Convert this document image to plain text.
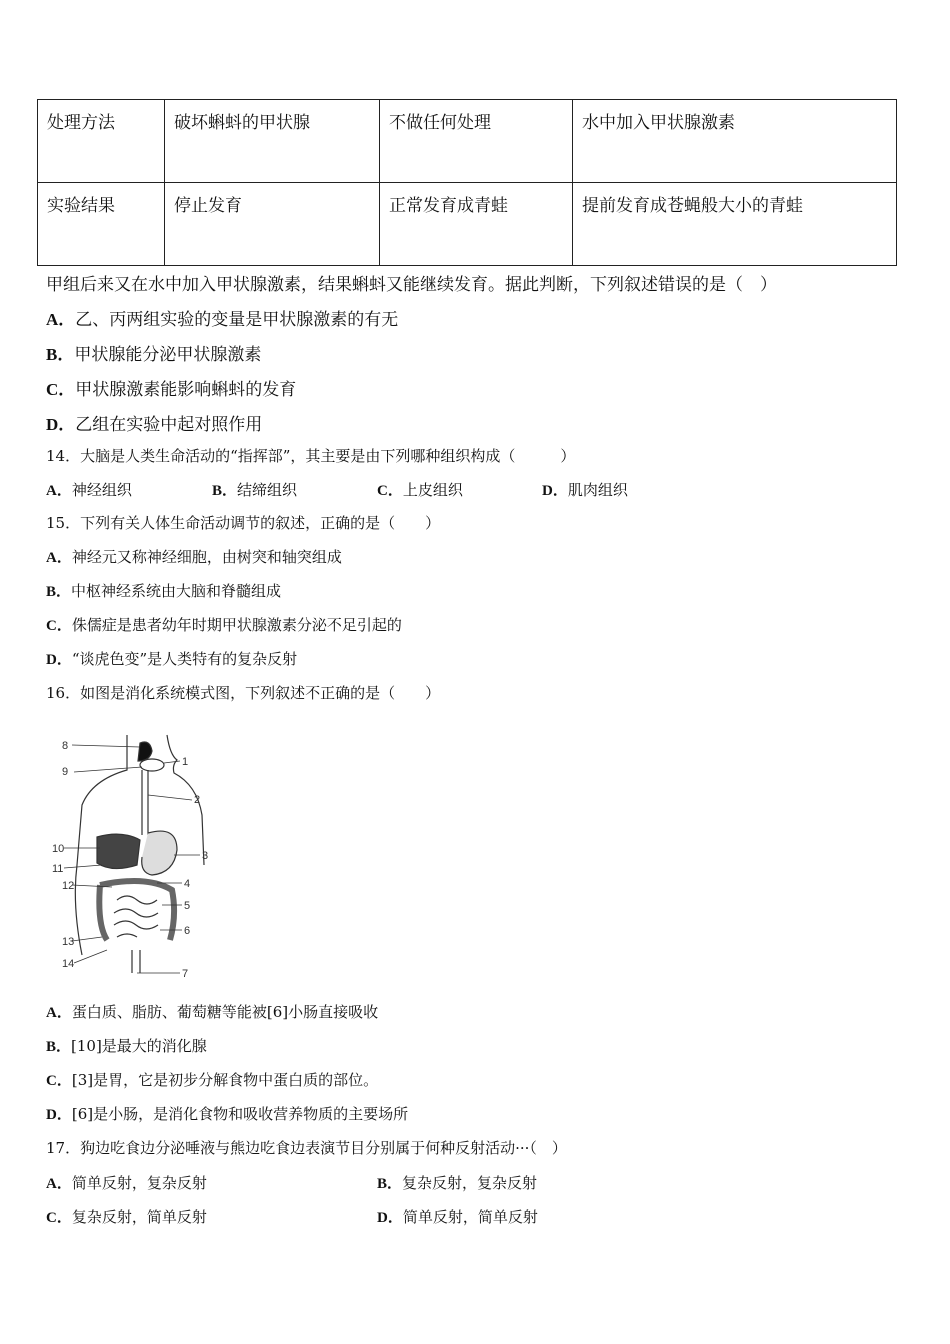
处理方法	破坏蝌蚪的甲状腺	不做任何处理	水中加入甲状腺激素
实验结果	停止发育	正常发育成青蛙	提前发育成苍蝇般大小的青蛙
甲组后来又在水中加入甲状腺激素，结果蝌蚪又能继续发育。据此判断，下列叙述错误的是（　）
A．乙、丙两组实验的变量是甲状腺激素的有无
B．甲状腺能分泌甲状腺激素
C．甲状腺激素能影响蝌蚪的发育
D．乙组在实验中起对照作用
14．大脑是人类生命活动的“指挥部”，其主要是由下列哪种组织构成（　　　）
A．神经组织	B．结缔组织	C．上皮组织	D．肌肉组织
15．下列有关人体生命活动调节的叙述，正确的是（　　）
A．神经元又称神经细胞，由树突和轴突组成
B．中枢神经系统由大脑和脊髓组成
C．侏儒症是患者幼年时期甲状腺激素分泌不足引起的
D．“谈虎色变”是人类特有的复杂反射
16．如图是消化系统模式图，下列叙述不正确的是（　　）
8
9
1
2
10
11
3
12	4
5
6
13
14
7
A．蛋白质、脂肪、葡萄糖等能被[6]小肠直接吸收
B．[10]是最大的消化腺
C．[3]是胃，它是初步分解食物中蛋白质的部位。
D．[6]是小肠，是消化食物和吸收营养物质的主要场所
17．狗边吃食边分泌唾液与熊边吃食边表演节目分别属于何种反射活动···（　）
A．简单反射，复杂反射	B．复杂反射，复杂反射
C．复杂反射，简单反射	D．简单反射，简单反射
